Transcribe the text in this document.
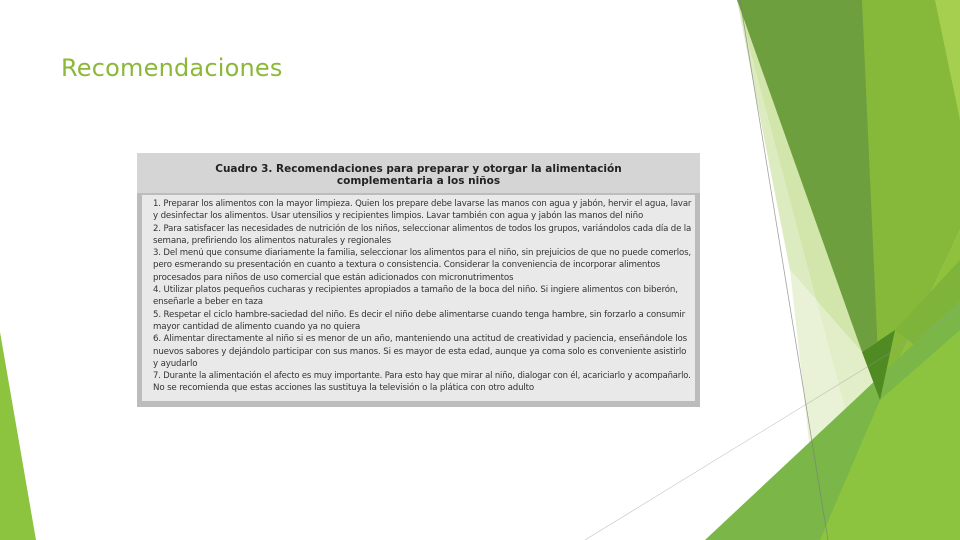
Recomendaciones
Cuadro 3. Recomendaciones para preparar y otorgar la alimentación
complementaria a los niños
1. Preparar los alimentos con la mayor limpieza. Quien los prepare debe lavarse las manos con agua y jabón, hervir el agua, lavar
y desinfectar los alimentos. Usar utensilios y recipientes limpios. Lavar también con agua y jabón las manos del niño
2. Para satisfacer las necesidades de nutrición de los niños, seleccionar alimentos de todos los grupos, variándolos cada día de la
semana, prefiriendo los alimentos naturales y regionales
3. Del menú que consume diariamente la familia, seleccionar los alimentos para el niño, sin prejuicios de que no puede comerlos,
pero esmerando su presentación en cuanto a textura o consistencia. Considerar la conveniencia de incorporar alimentos
procesados para niños de uso comercial que están adicionados con micronutrimentos
4. Utilizar platos pequeños cucharas y recipientes apropiados a tamaño de la boca del niño. Si ingiere alimentos con biberón,
enseñarle a beber en taza
5. Respetar el ciclo hambre-saciedad del niño. Es decir el niño debe alimentarse cuando tenga hambre, sin forzarlo a consumir
mayor cantidad de alimento cuando ya no quiera
6. Alimentar directamente al niño si es menor de un año, manteniendo una actitud de creatividad y paciencia, enseñándole los
nuevos sabores y dejándolo participar con sus manos. Si es mayor de esta edad, aunque ya coma solo es conveniente asistirlo
y ayudarlo
7. Durante la alimentación el afecto es muy importante. Para esto hay que mirar al niño, dialogar con él, acariciarlo y acompañarlo.
No se recomienda que estas acciones las sustituya la televisión o la plática con otro adulto
